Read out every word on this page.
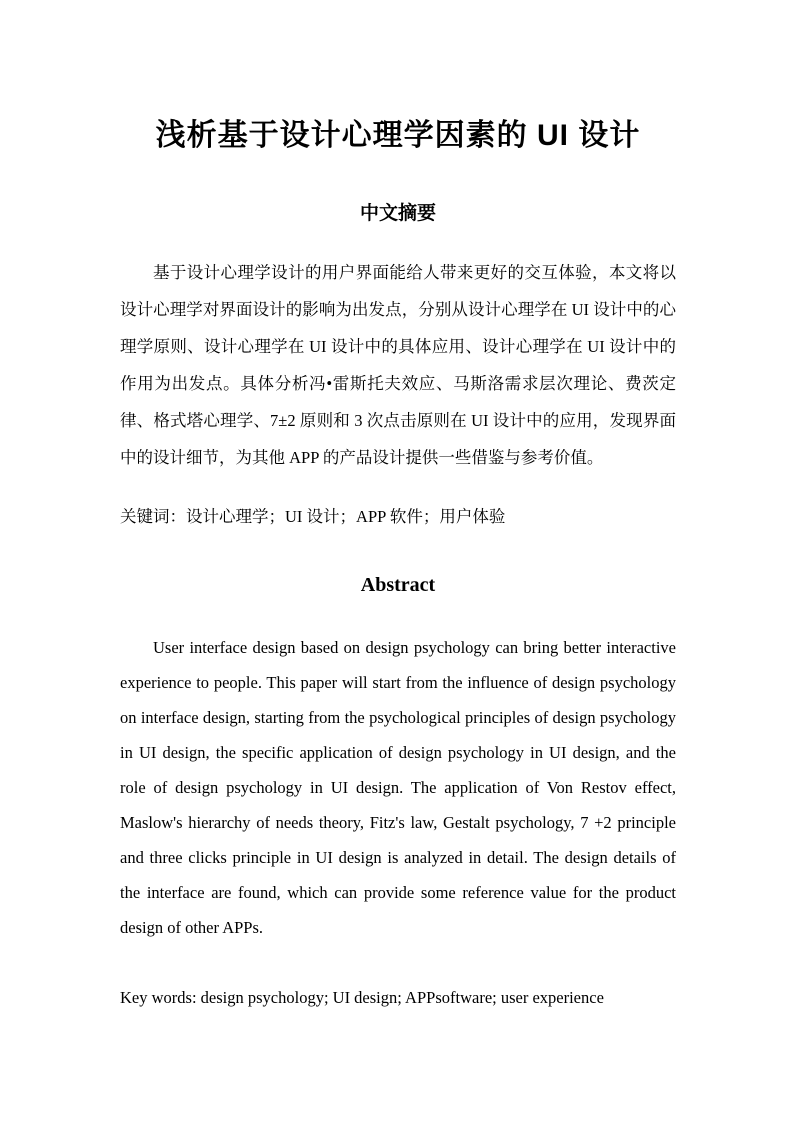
浅析基于设计心理学因素的 UI 设计
中文摘要

基于设计心理学设计的用户界面能给人带来更好的交互体验，本文将以设计心理学对界面设计的影响为出发点，分别从设计心理学在 UI 设计中的心理学原则、设计心理学在 UI 设计中的具体应用、设计心理学在 UI 设计中的作用为出发点。具体分析冯•雷斯托夫效应、马斯洛需求层次理论、费茨定律、格式塔心理学、7±2 原则和 3 次点击原则在 UI 设计中的应用，发现界面中的设计细节，为其他 APP 的产品设计提供一些借鉴与参考价值。

关键词：设计心理学；UI 设计；APP 软件；用户体验

Abstract

User interface design based on design psychology can bring better interactive experience to people. This paper will start from the influence of design psychology on interface design, starting from the psychological principles of design psychology in UI design, the specific application of design psychology in UI design, and the role of design psychology in UI design. The application of Von Restov effect, Maslow's hierarchy of needs theory, Fitz's law, Gestalt psychology, 7 +2 principle and three clicks principle in UI design is analyzed in detail. The design details of the interface are found, which can provide some reference value for the product design of other APPs.

Key words: design psychology; UI design; APPsoftware; user experience
